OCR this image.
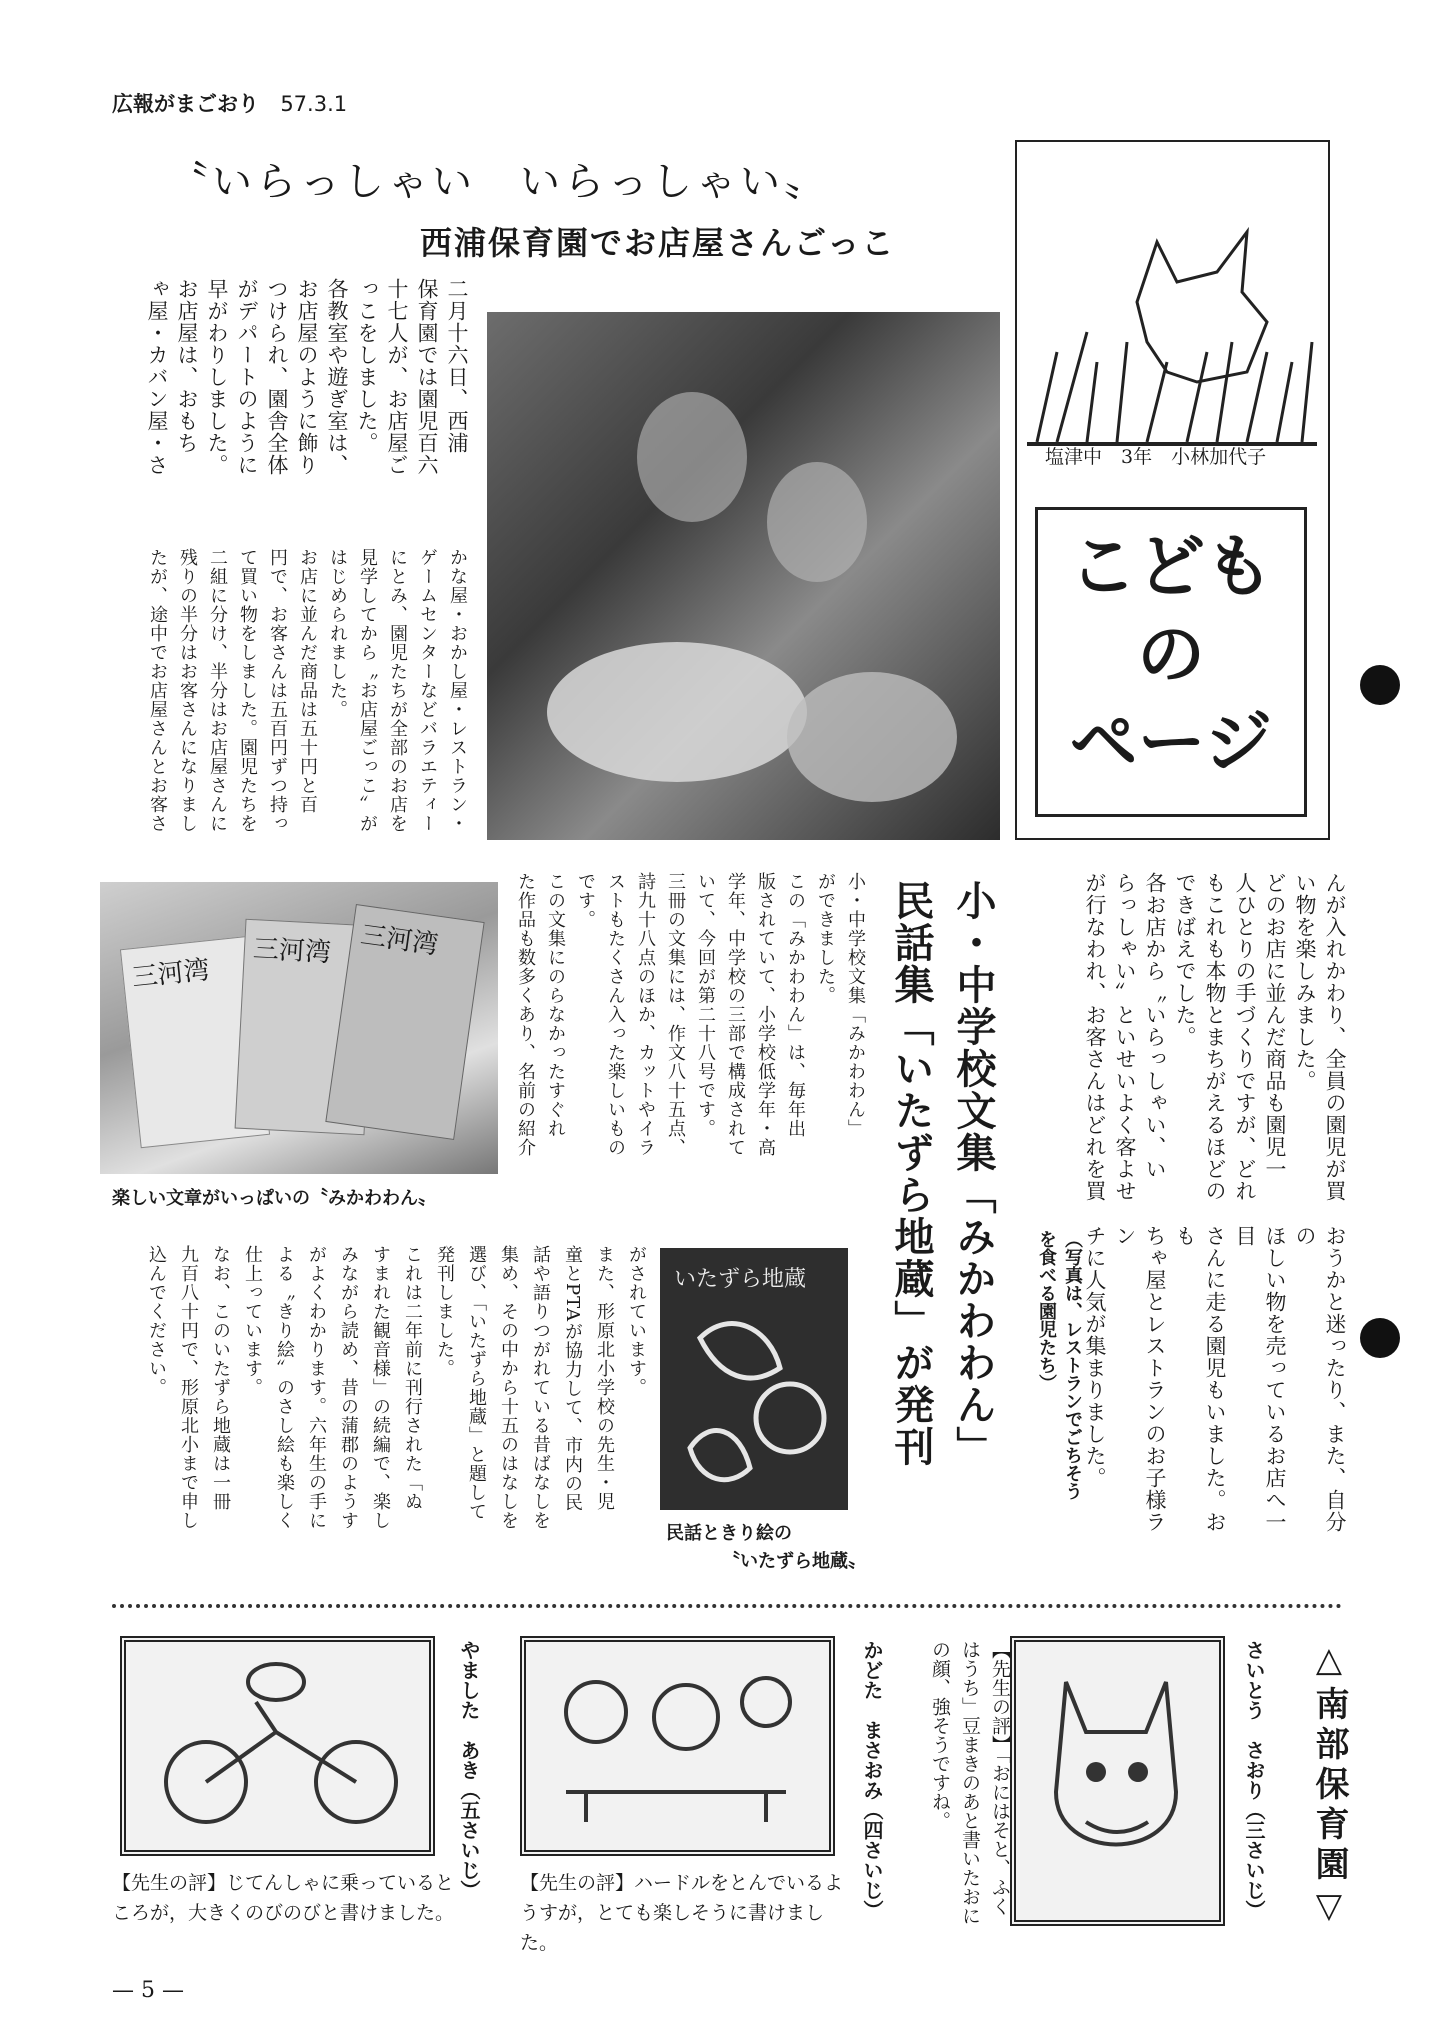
広報がまごおり 57.3.1
〝いらっしゃい　いらっしゃい〟
西浦保育園でお店屋さんごっこ
二月十六日、西浦
保育園では園児百六
十七人が、お店屋ご
っこをしました。
各教室や遊ぎ室は、
お店屋のように飾り
つけられ、園舎全体
がデパートのように
早がわりしました。
お店屋は、おもち
ゃ屋・カバン屋・さ	塩津中　3年　小林加代子
こども
の
ページ
んが入れかわり、全員の園児が買
い物を楽しみました。
どのお店に並んだ商品も園児一
人ひとりの手づくりですが、どれ
もこれも本物とまちがえるほどの
できばえでした。
各お店から〝いらっしゃい、い
らっしゃい〟といせいよく客よせ
が行なわれ、お客さんはどれを買
（写真は、レストランでごちそう
を食べる園児たち）	おうかと迷ったり、また、自分の
ほしい物を売っているお店へ一目
さんに走る園児もいました。おも
ちゃ屋とレストランのお子様ラン
チに人気が集まりました。
小・中学校文集「みかわわん」
民話集「いたずら地蔵」が発刊
小・中学校文集「みかわわん」
ができました。
この「みかわわん」は、毎年出
版されていて、小学校低学年・高
学年、中学校の三部で構成されて
いて、今回が第二十八号です。
三冊の文集には、作文八十五点、
詩九十八点のほか、カットやイラ
ストもたくさん入った楽しいもの
です。
この文集にのらなかったすぐれ
た作品も数多くあり、名前の紹介
三河湾
三河湾	三河湾
楽しい文章がいっぱいの〝みかわわん〟
いたずら地蔵
民話ときり絵の
〝いたずら地蔵〟
がされています。
また、形原北小学校の先生・児
童とPTAが協力して、市内の民
話や語りつがれている昔ばなしを
集め、その中から十五のはなしを
選び、「いたずら地蔵」と題して
発刊しました。
これは二年前に刊行された「ぬ
すまれた観音様」の続編で、楽し
みながら読め、昔の蒲郡のようす
がよくわかります。六年生の手に
よる〝きり絵〟のさし絵も楽しく
仕上っています。
なお、このいたずら地蔵は一冊
九百八十円で、形原北小まで申し
込んでください。
かな屋・おかし屋・レストラン・
ゲームセンターなどバラエティー
にとみ、園児たちが全部のお店を
見学してから〝お店屋ごっこ〟が
はじめられました。
お店に並んだ商品は五十円と百
円で、お客さんは五百円ずつ持っ
て買い物をしました。園児たちを
二組に分け、半分はお店屋さんに
残りの半分はお客さんになりまし
たが、途中でお店屋さんとお客さ
△南部保育園▽
さいとう　さおり（三さいじ）
【先生の評】「おにはそと、ふくはうち」豆まきのあと書いたおにの顔、強そうですね。
かどた　まさおみ（四さいじ）
【先生の評】ハードルをとんでいるようすが，とても楽しそうに書けました。
やました　あき（五さいじ）
【先生の評】じてんしゃに乗っているところが，大きくのびのびと書けました。
— 5 —
